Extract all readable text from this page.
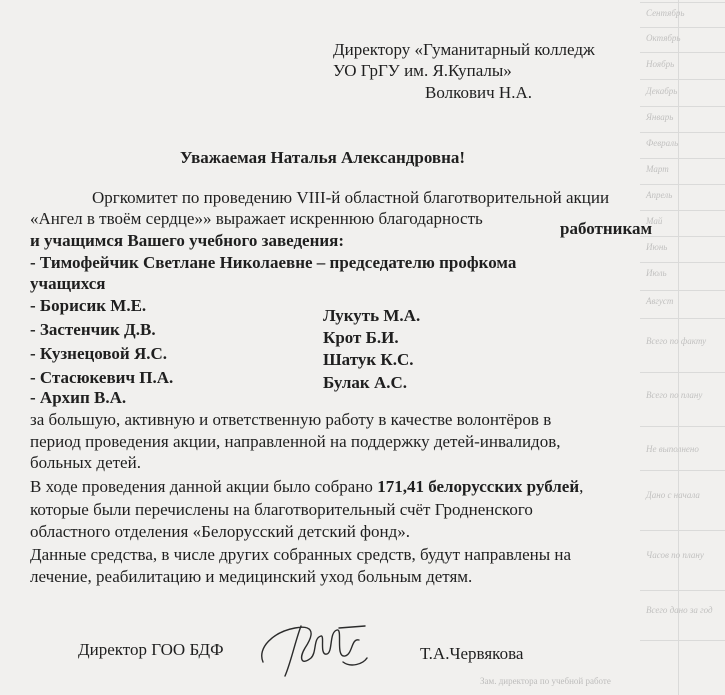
Сентябрь
Октябрь
Ноябрь
Декабрь
Январь
Февраль
Март
Апрель
Май
Июнь
Июль
Август
Всего по факту
Всего по плану
Не выполнено
Дано с начала
Часов по плану
Всего дано за год
Зам. директора по учебной работе
Директору «Гуманитарный колледж
УО ГрГУ им. Я.Купалы»
Волкович Н.А.
Уважаемая Наталья Александровна!
Оргкомитет по проведению VIII-й областной благотворительной акции
«Ангел в твоём сердце»» выражает искреннюю благодарность
работникам
и учащимся Вашего учебного заведения:
- Тимофейчик Светлане Николаевне – председателю профкома
учащихся
- Борисик М.Е.
- Застенчик Д.В.
- Кузнецовой Я.С.
- Стасюкевич П.А.
- Архип В.А.
Лукуть М.А.
Крот Б.И.
Шатук К.С.
Булак А.С.
за большую, активную и ответственную работу в качестве волонтёров в
период проведения акции, направленной на поддержку детей-инвалидов,
больных детей.
В ходе проведения данной акции было собрано 171,41 белорусских рублей,
которые были перечислены на благотворительный счёт Гродненского
областного отделения «Белорусский детский фонд».
Данные средства, в числе других собранных средств, будут направлены на
лечение, реабилитацию и медицинский уход больным детям.
Директор ГОО БДФ	Т.А.Червякова
